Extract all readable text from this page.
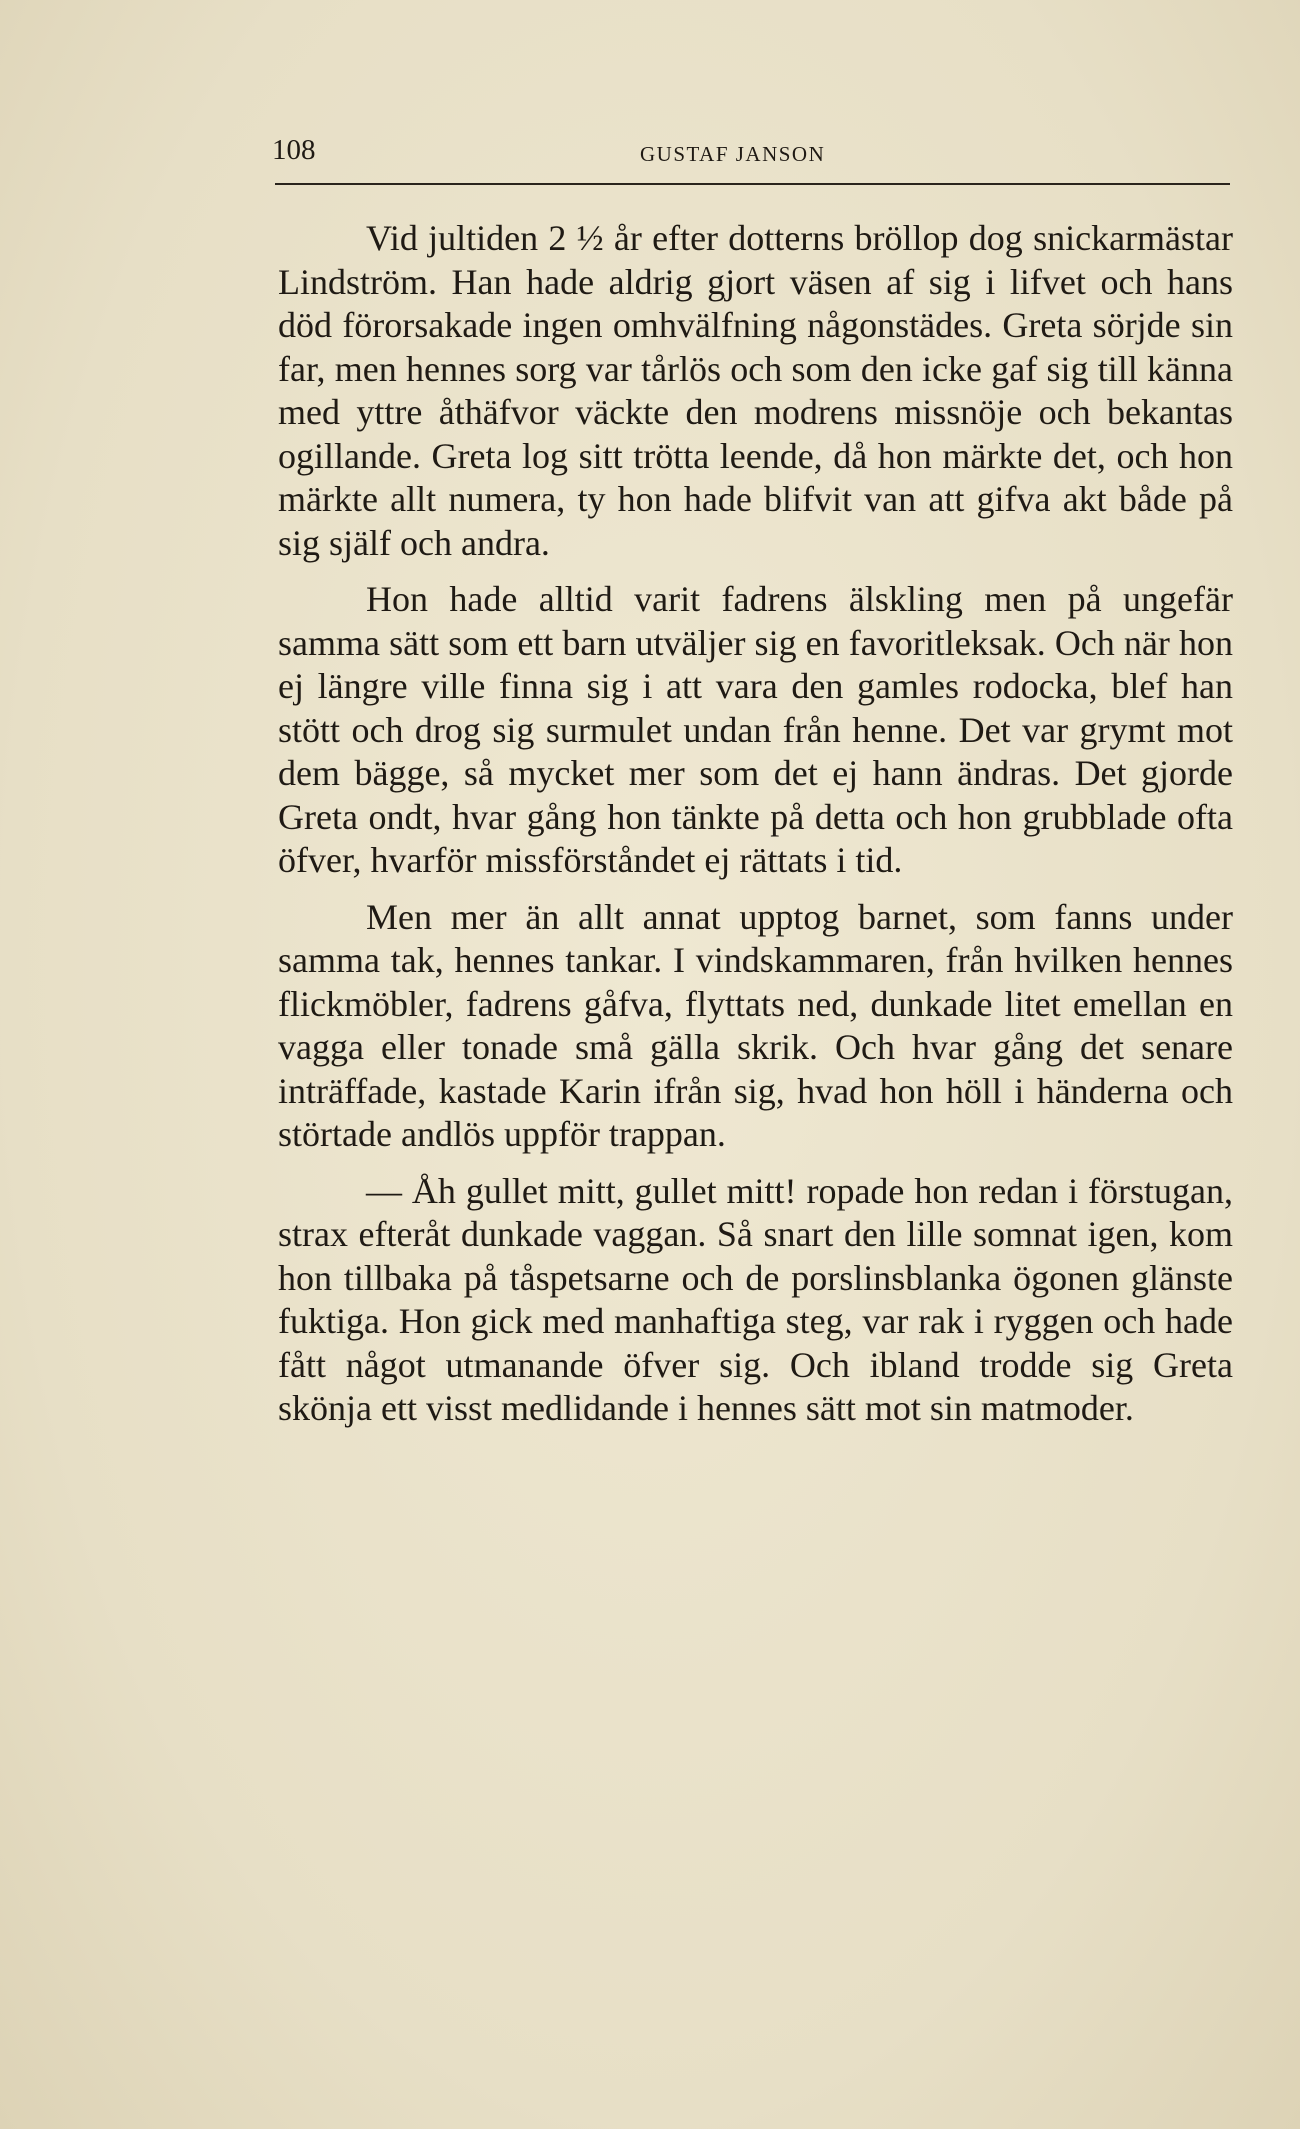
108	GUSTAF JANSON

Vid jultiden 2 ½ år efter dotterns bröllop dog snickarmästar Lindström. Han hade aldrig gjort väsen af sig i lifvet och hans död förorsakade ingen omhvälfning någonstädes. Greta sörjde sin far, men hennes sorg var tårlös och som den icke gaf sig till känna med yttre åthäfvor väckte den modrens missnöje och bekantas ogillande. Greta log sitt trötta leende, då hon märkte det, och hon märkte allt numera, ty hon hade blifvit van att gifva akt både på sig själf och andra.

Hon hade alltid varit fadrens älskling men på ungefär samma sätt som ett barn utväljer sig en favoritleksak. Och när hon ej längre ville finna sig i att vara den gamles rodocka, blef han stött och drog sig surmulet undan från henne. Det var grymt mot dem bägge, så mycket mer som det ej hann ändras. Det gjorde Greta ondt, hvar gång hon tänkte på detta och hon grubblade ofta öfver, hvarför missförståndet ej rättats i tid.

Men mer än allt annat upptog barnet, som fanns under samma tak, hennes tankar. I vindskammaren, från hvilken hennes flickmöbler, fadrens gåfva, flyttats ned, dunkade litet emellan en vagga eller tonade små gälla skrik. Och hvar gång det senare inträffade, kastade Karin ifrån sig, hvad hon höll i händerna och störtade andlös uppför trappan.

— Åh gullet mitt, gullet mitt! ropade hon redan i förstugan, strax efteråt dunkade vaggan. Så snart den lille somnat igen, kom hon tillbaka på tåspetsarne och de porslinsblanka ögonen glänste fuktiga. Hon gick med manhaftiga steg, var rak i ryggen och hade fått något utmanande öfver sig. Och ibland trodde sig Greta skönja ett visst medlidande i hennes sätt mot sin matmoder.
